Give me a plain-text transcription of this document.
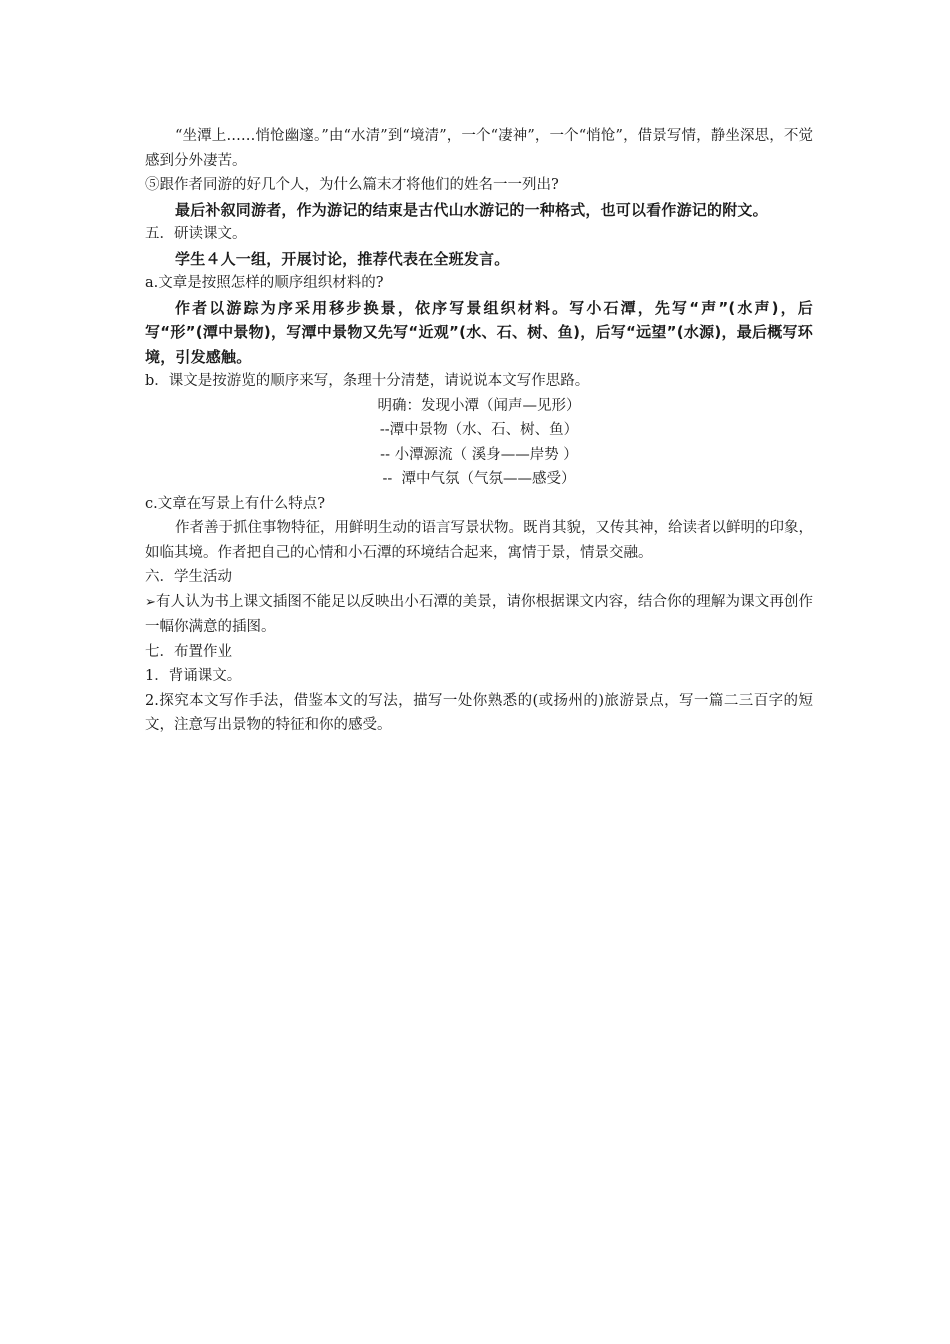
“坐潭上……悄怆幽邃。”由“水清”到“境清”，一个“凄神”，一个“悄怆”，借景写情，静坐深思，不觉感到分外凄苦。

⑤跟作者同游的好几个人，为什么篇末才将他们的姓名一一列出?

最后补叙同游者，作为游记的结束是古代山水游记的一种格式，也可以看作游记的附文。

五．研读课文。

学生４人一组，开展讨论，推荐代表在全班发言。

a.文章是按照怎样的顺序组织材料的?

作者以游踪为序采用移步换景，依序写景组织材料。写小石潭，先写“声”(水声)，后写“形”(潭中景物)，写潭中景物又先写“近观”(水、石、树、鱼)，后写“远望”(水源)，最后概写环境，引发感触。

b．课文是按游览的顺序来写，条理十分清楚，请说说本文写作思路。

明确：发现小潭（闻声—见形）

--潭中景物（水、石、树、鱼）

-- 小潭源流（ 溪身——岸势 ）

--  潭中气氛（气氛——感受）

c.文章在写景上有什么特点?

作者善于抓住事物特征，用鲜明生动的语言写景状物。既肖其貌，又传其神，给读者以鲜明的印象，如临其境。作者把自己的心情和小石潭的环境结合起来，寓情于景，情景交融。

六．学生活动

➢有人认为书上课文插图不能足以反映出小石潭的美景，请你根据课文内容，结合你的理解为课文再创作一幅你满意的插图。

七．布置作业

1．背诵课文。

2.探究本文写作手法，借鉴本文的写法，描写一处你熟悉的(或扬州的)旅游景点，写一篇二三百字的短文，注意写出景物的特征和你的感受。
